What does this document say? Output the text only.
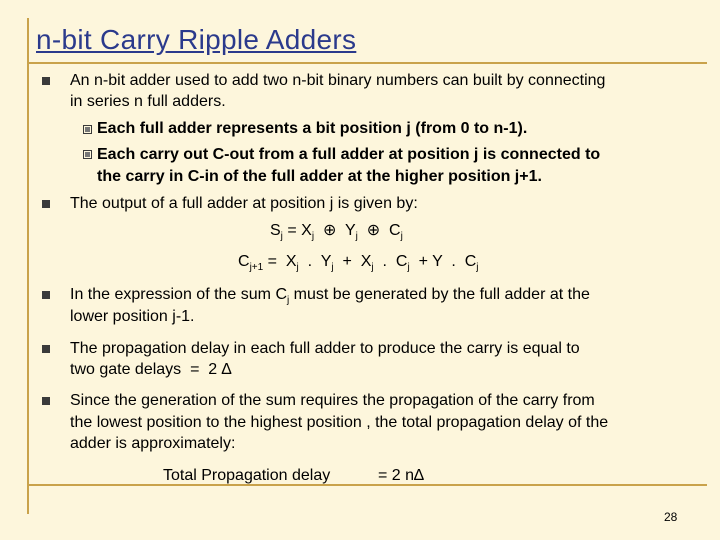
n-bit Carry Ripple Adders
An n-bit adder used to add two n-bit binary numbers can built by connecting
in series n full adders.
Each full adder represents a bit position j (from 0 to n-1).
Each carry out C-out from a full adder at position j is connected to
the carry in C-in of the full adder at the higher position j+1.
The output of a full adder at position j is given by:
$S_j = X_j$  ⊕  $Y_j$  ⊕  $C_j$
$C_{j+1} = X_j$  .  $Y_j + X_j$  .  $C_j + Y$  .  $C_j$
In the expression of the sum $C_j$ must be generated by the full adder at the
lower position j-1.
The propagation delay in each full adder to produce the carry is equal to
two gate delays  =  2 ∆
Since the generation of the sum requires the propagation of the carry from
the lowest position to the highest position , the total propagation delay of the
adder is approximately:
Total Propagation delay	= 2 n∆
28
